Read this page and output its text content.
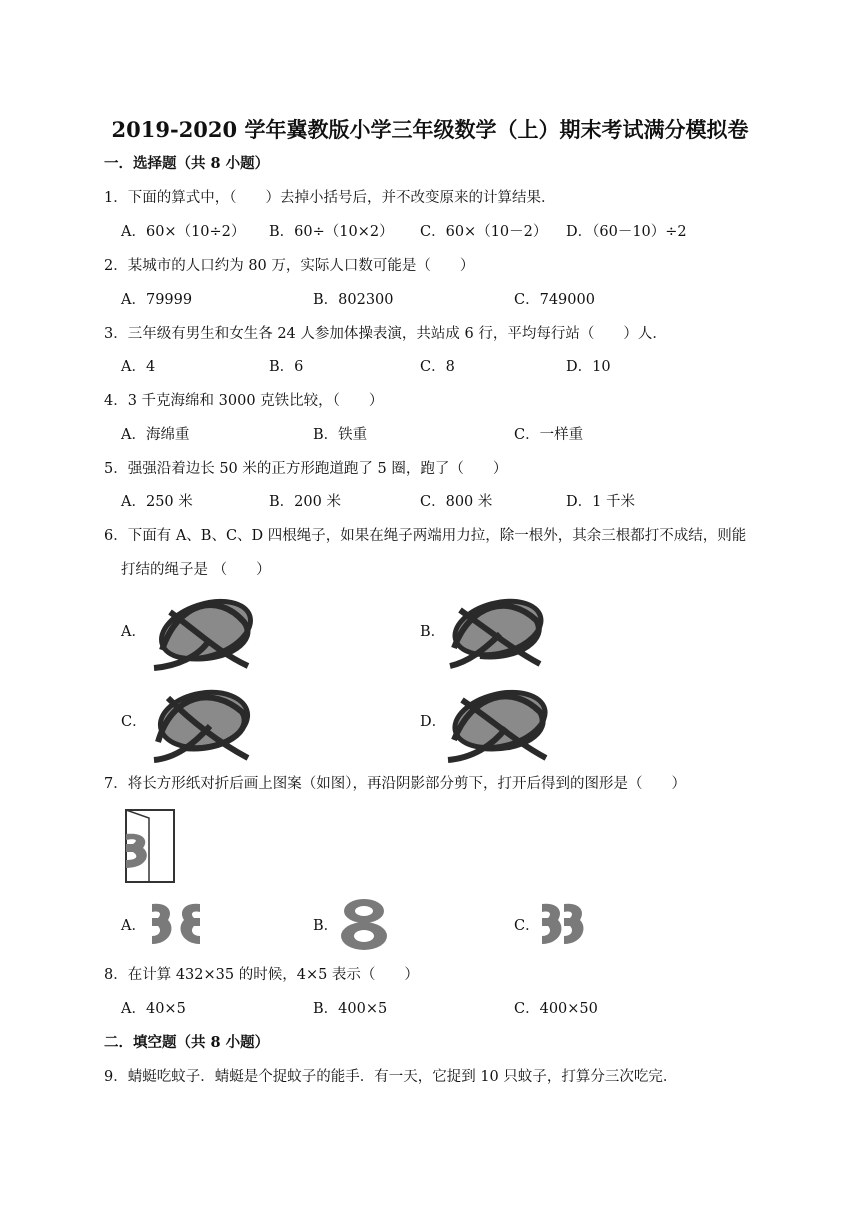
2019-2020 学年冀教版小学三年级数学（上）期末考试满分模拟卷
一．选择题（共 8 小题）
1．下面的算式中，（　　）去掉小括号后，并不改变原来的计算结果．
A．60×（10÷2） B．60÷（10×2） C．60×（10－2） D．（60－10）÷2
2．某城市的人口约为 80 万，实际人口数可能是（　　）
A．79999	B．802300	C．749000
3．三年级有男生和女生各 24 人参加体操表演，共站成 6 行，平均每行站（　　）人．
A．4	B．6	C．8	D．10
4．3 千克海绵和 3000 克铁比较，（　　）
A．海绵重	B．铁重	C．一样重
5．强强沿着边长 50 米的正方形跑道跑了 5 圈，跑了（　　）
A．250 米	B．200 米	C．800 米	D．1 千米
6．下面有 A、B、C、D 四根绳子，如果在绳子两端用力拉，除一根外，其余三根都打不成结，则能
打结的绳子是 （　　）
A．	B．
C．	D．
7．将长方形纸对折后画上图案（如图），再沿阴影部分剪下，打开后得到的图形是（　　）
A．	B．	C．
8．在计算 432×35 的时候，4×5 表示（　　）
A．40×5	B．400×5	C．400×50
二．填空题（共 8 小题）
9．蜻蜓吃蚊子．蜻蜓是个捉蚊子的能手．有一天，它捉到 10 只蚊子，打算分三次吃完．
